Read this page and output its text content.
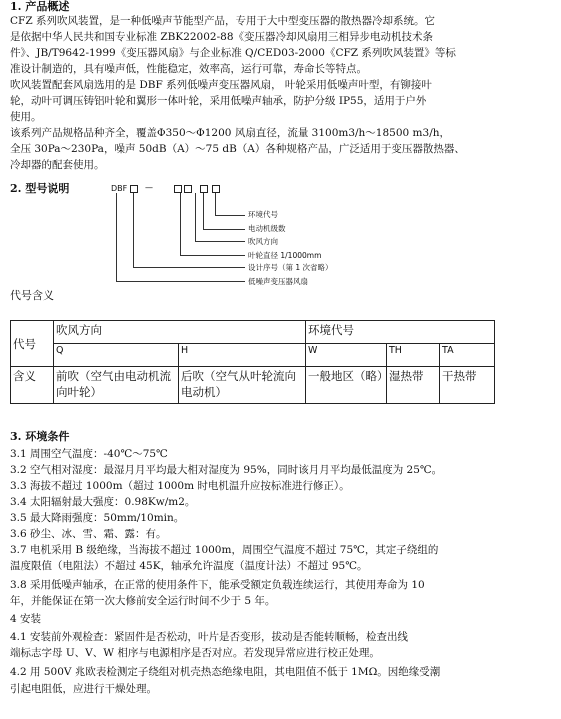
1. 产品概述
CFZ 系列吹风装置，是一种低噪声节能型产品，专用于大中型变压器的散热器冷却系统。它
是依据中华人民共和国专业标准 ZBK22002-88《变压器冷却风扇用三相异步电动机技术条
件》、JB/T9642-1999《变压器风扇》与企业标准 Q/CED03-2000《CFZ 系列吹风装置》等标
准设计制造的，具有噪声低，性能稳定，效率高，运行可靠，寿命长等特点。
吹风装置配套风扇选用的是 DBF 系列低噪声变压器风扇， 叶轮采用低噪声叶型，有铆接叶
轮，动叶可调压铸铝叶轮和翼形一体叶轮，采用低噪声轴承，防护分级 IP55，适用于户外
使用。
该系列产品规格品种齐全，覆盖Φ350～Φ1200 风扇直径，流量 3100m3/h～18500 m3/h，
全压 30Pa～230Pa，噪声 50dB（A）～75 dB（A）各种规格产品，广泛适用于变压器散热器、
冷却器的配套使用。
2. 型号说明	DBF —
环境代号
电动机级数
吹风方向
叶轮直径 1/1000mm
设计序号（第 1 次省略）
低噪声变压器风扇
代号含义
代号	吹风方向		环境代号		
	Q	H	W	TH	TA
含义	前吹（空气由电动机流向叶轮）	后吹（空气从叶轮流向电动机）	一般地区（略）	湿热带	干热带
3. 环境条件
3.1 周围空气温度：-40℃～75℃
3.2 空气相对湿度：最湿月月平均最大相对湿度为 95%，同时该月月平均最低温度为 25℃。
3.3 海拔不超过 1000m（超过 1000m 时电机温升应按标准进行修正）。
3.4 太阳辐射最大强度：0.98Kw/m2。
3.5 最大降雨强度：50mm/10min。
3.6 砂尘、冰、雪、霜、露：有。
3.7 电机采用 B 级绝缘，当海拔不超过 1000m，周围空气温度不超过 75℃，其定子绕组的
温度限值（电阻法）不超过 45K，轴承允许温度（温度计法）不超过 95℃。
3.8 采用低噪声轴承，在正常的使用条件下，能承受额定负载连续运行，其使用寿命为 10
年，并能保证在第一次大修前安全运行时间不少于 5 年。
4 安装
4.1 安装前外观检查：紧固件是否松动，叶片是否变形，拔动是否能转顺畅，检查出线
端标志字母 U、V、W 相序与电源相序是否对应。若发现异常应进行校正处理。
4.2 用 500V 兆欧表检测定子绕组对机壳热态绝缘电阻，其电阻值不低于 1MΩ。因绝缘受潮
引起电阻低，应进行干燥处理。
